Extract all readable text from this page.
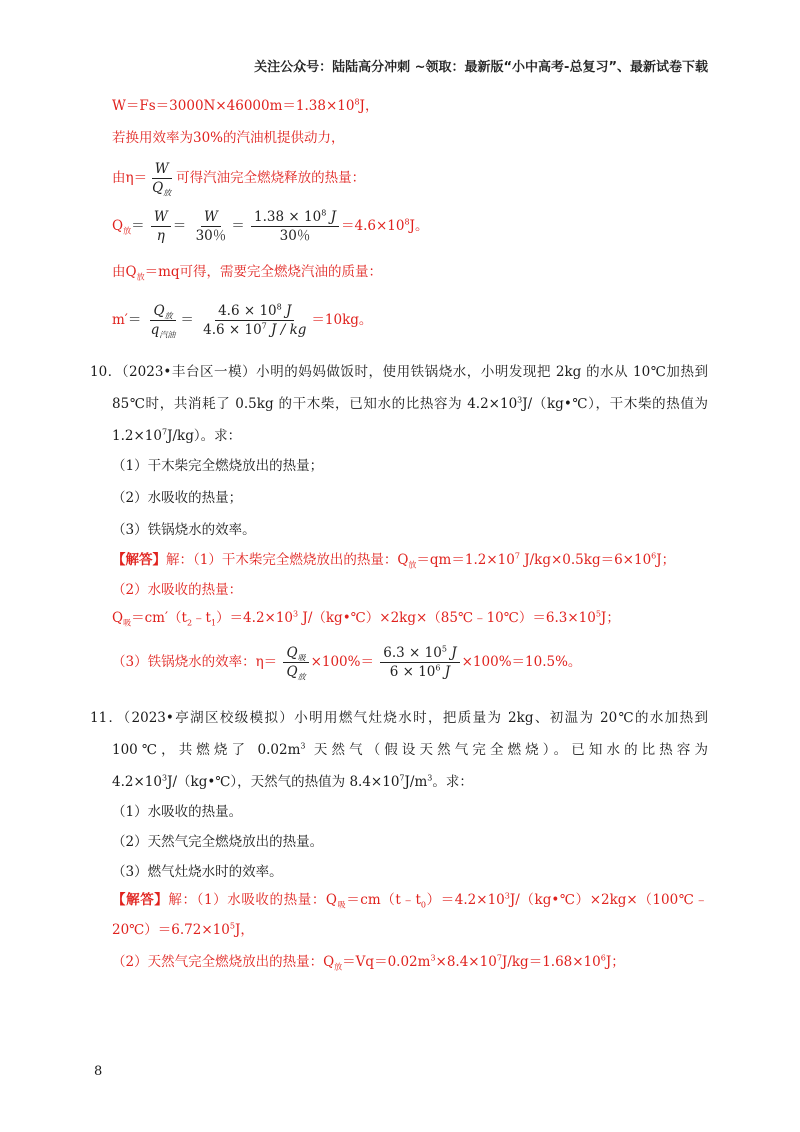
关注公众号：陆陆高分冲刺 ~领取：最新版“小中高考-总复习”、最新试卷下载
$W=Fs=3000N\times 46000m=1.38\times 10^8J$，
若换用效率为30%的汽油机提供动力，
由$\eta= \frac{W}{Q_放}$ 可得汽油完全燃烧释放的热量：
$Q_放= \frac{W}{\eta} = \frac{W}{30\%} = \frac{1.38 \times 10^8 J}{30\%} =4.6\times 10^8J$。
由$Q_放=mq$可得，需要完全燃烧汽油的质量：
$m'= \frac{Q_放}{q_{汽油}} = \frac{4.6 \times 10^8 J}{4.6 \times 10^7 J / kg} =10kg$。
10．（2023•丰台区一模）小明的妈妈做饭时，使用铁锅烧水，小明发现把 2kg 的水从 10℃加热到
85℃时，共消耗了 0.5kg 的干木柴，已知水的比热容为 $4.2\times 10^3J/(kg•℃)$，干木柴的热值为
$1.2\times 10^7J/kg$）。求：
（1）干木柴完全燃烧放出的热量；
（2）水吸收的热量；
（3）铁锅烧水的效率。
【解答】解：（1）干木柴完全燃烧放出的热量：$Q_放=qm=1.2\times 10^7$ $J/kg\times 0.5kg=6\times 10^6J$；
（2）水吸收的热量：
$Q_吸=cm'(t_2﹣t_1)=4.2\times 10^3$ $J/(kg•℃)\times 2kg\times(85℃﹣10℃)=6.3\times 10^5J$；
（3）铁锅烧水的效率：$\eta= \frac{Q_吸}{Q_放} \times 100\%= \frac{6.3 \times 10^5 J}{6 \times 10^6 J} \times 100\%=10.5\%$。
11．（2023•亭湖区校级模拟）小明用燃气灶烧水时，把质量为 2kg、初温为 20℃的水加热到
100℃，共燃烧了 $0.02m^3$ 天然气（假设天然气完全燃烧）。已知水的比热容为
$4.2\times 10^3J/(kg•℃)$，天然气的热值为 $8.4\times 10^7J/m^3$。求：
（1）水吸收的热量。
（2）天然气完全燃烧放出的热量。
（3）燃气灶烧水时的效率。
【解答】解：（1）水吸收的热量：$Q_吸=cm(t﹣t_0)=4.2\times 10^3J/(kg•℃)\times 2kg\times(100℃﹣$
$20℃)=6.72\times 10^5J$，
（2）天然气完全燃烧放出的热量：$Q_放=Vq=0.02m^3\times 8.4\times 10^7J/kg=1.68\times 10^6J$；
8
